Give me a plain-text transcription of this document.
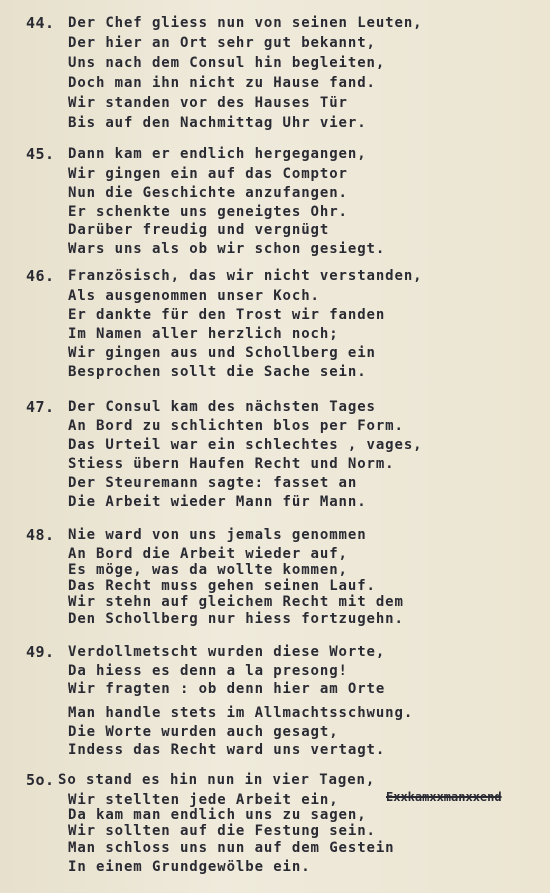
44. Der Chef gliess nun von seinen Leuten,
Der hier an Ort sehr gut bekannt,
Uns nach dem Consul hin begleiten,
Doch man ihn nicht zu Hause fand.
Wir standen vor des Hauses Tür
Bis auf den Nachmittag Uhr vier.
45. Dann kam er endlich hergegangen,
Wir gingen ein auf das Comptor
Nun die Geschichte anzufangen.
Er schenkte uns geneigtes Ohr.
Darüber freudig und vergnügt
Wars uns als ob wir schon gesiegt.
46. Französisch, das wir nicht verstanden,
Als ausgenommen unser Koch.
Er dankte für den Trost wir fanden
Im Namen aller herzlich noch;
Wir gingen aus und Schollberg ein
Besprochen sollt die Sache sein.
47. Der Consul kam des nächsten Tages
An Bord zu schlichten blos per Form.
Das Urteil war ein schlechtes , vages,
Stiess übern Haufen Recht und Norm.
Der Steuremann sagte: fasset an
Die Arbeit wieder Mann für Mann.
48. Nie ward von uns jemals genommen
An Bord die Arbeit wieder auf,
Es möge, was da wollte kommen,
Das Recht muss gehen seinen Lauf.
Wir stehn auf gleichem Recht mit dem
Den Schollberg nur hiess fortzugehn.
49. Verdollmetscht wurden diese Worte,
Da hiess es denn a la presong!
Wir fragten : ob denn hier am Orte
Man handle stets im Allmachtsschwung.
Die Worte wurden auch gesagt,
Indess das Recht ward uns vertagt.
5o. So stand es hin nun in vier Tagen,
Wir stellten jede Arbeit ein,	Exxkamxxmanxxend
Da kam man endlich uns zu sagen,
Wir sollten auf die Festung sein.
Man schloss uns nun auf dem Gestein
In einem Grundgewölbe ein.
